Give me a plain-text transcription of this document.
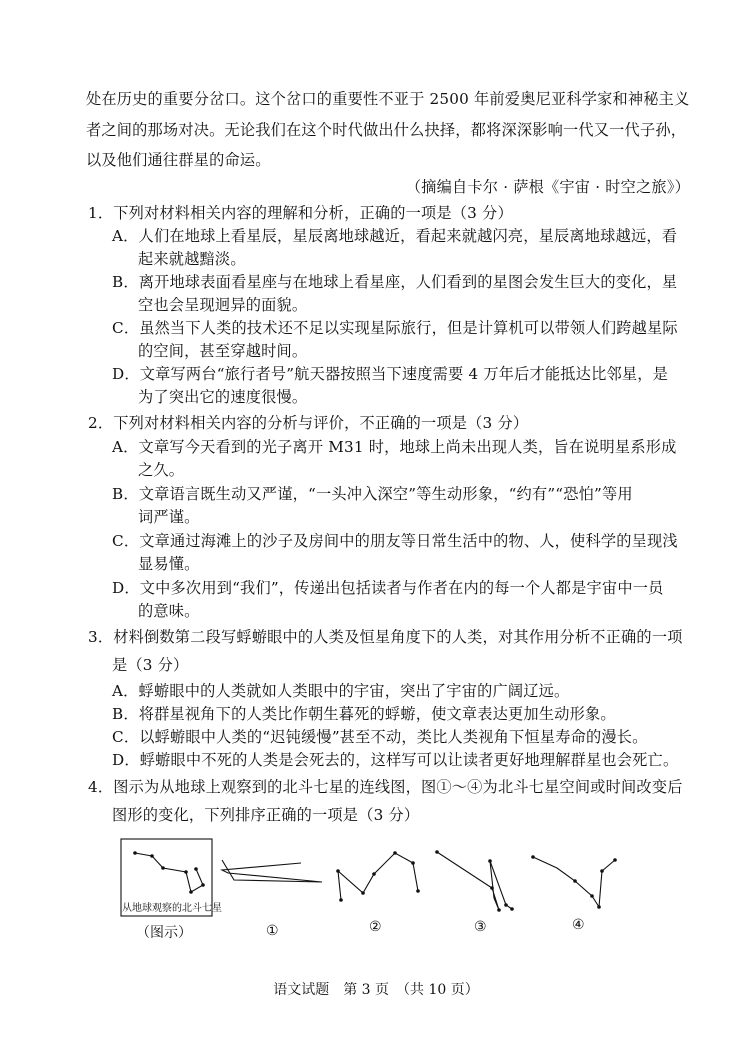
处在历史的重要分岔口。这个岔口的重要性不亚于 2500 年前爱奥尼亚科学家和神秘主义
者之间的那场对决。无论我们在这个时代做出什么抉择，都将深深影响一代又一代子孙，
以及他们通往群星的命运。
（摘编自卡尔 · 萨根《宇宙 · 时空之旅》）
1．下列对材料相关内容的理解和分析，正确的一项是（3 分）
A．人们在地球上看星辰，星辰离地球越近，看起来就越闪亮，星辰离地球越远，看
起来就越黯淡。
B．离开地球表面看星座与在地球上看星座，人们看到的星图会发生巨大的变化，星
空也会呈现迥异的面貌。
C．虽然当下人类的技术还不足以实现星际旅行，但是计算机可以带领人们跨越星际
的空间，甚至穿越时间。
D．文章写两台“旅行者号”航天器按照当下速度需要 4 万年后才能抵达比邻星，是
为了突出它的速度很慢。
2．下列对材料相关内容的分析与评价，不正确的一项是（3 分）
A．文章写今天看到的光子离开 M31 时，地球上尚未出现人类，旨在说明星系形成
之久。
B．文章语言既生动又严谨，“一头冲入深空”等生动形象，“约有”“恐怕”等用
词严谨。
C．文章通过海滩上的沙子及房间中的朋友等日常生活中的物、人，使科学的呈现浅
显易懂。
D．文中多次用到“我们”，传递出包括读者与作者在内的每一个人都是宇宙中一员
的意味。
3．材料倒数第二段写蜉蝣眼中的人类及恒星角度下的人类，对其作用分析不正确的一项
是（3 分）
A．蜉蝣眼中的人类就如人类眼中的宇宙，突出了宇宙的广阔辽远。
B．将群星视角下的人类比作朝生暮死的蜉蝣，使文章表达更加生动形象。
C．以蜉蝣眼中人类的“迟钝缓慢”甚至不动，类比人类视角下恒星寿命的漫长。
D．蜉蝣眼中不死的人类是会死去的，这样写可以让读者更好地理解群星也会死亡。
4．图示为从地球上观察到的北斗七星的连线图，图①～④为北斗七星空间或时间改变后
图形的变化，下列排序正确的一项是（3 分）
从地球观察的北斗七星
（图示）	①	②	③	④
语文试题　第 3 页　（共 10 页）
